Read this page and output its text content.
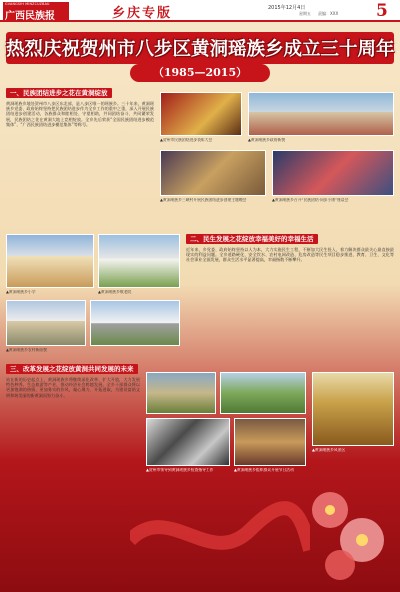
GVANGSIH MINZCUZBAU
广西民族报	乡庆专版	2015年12月4日
星期五 责编：XXX 5
热烈庆祝贺州市八步区黄洞瑶族乡成立三十周年
（1985—2015）
一、民族团结进步之花在黄洞绽放
黄洞瑶族乡地处贺州市八步区东北部，是八步区唯一的瑶族乡。三十年来，黄洞瑶族乡党委、政府始终坚持把民族团结进步作为全乡工作的重中之重，深入开展民族团结进步创建活动，各族群众和睦相处、守望相助，共同团结奋斗、共同繁荣发展，民族团结之花在黄洞大地上竞相绽放。全乡先后荣获“全国民族团结进步模范集体”、“广西民族团结进步模范集体”等称号。
▲贺州市民族团结进步表彰大会	▲黄洞瑶族乡政府新貌
▲黄洞瑶族乡三峡村开展民族团结进步创建主题晚会	▲黄洞瑶族乡召开“民族团结·同步小康”座谈会
▲黄洞瑶族乡小学	▲黄洞瑶族乡敬老院
▲黄洞瑶族乡农村新面貌
二、民生发展之花绽放幸福美好的幸福生活
近年来，乡党委、政府始终坚持以人为本，大力实施民生工程，不断加大民生投入，着力解决群众最关心最直接最现实的利益问题。全乡道路硬化、安全饮水、农村电网改造、危房改造等民生项目稳步推进，教育、卫生、文化等社会事业全面发展，群众生活水平显著提高，幸福指数不断攀升。
三、改革发展之花绽放黄洞共同发展的未来
站在新的历史起点上，黄洞瑶族乡将继续深化改革、扩大开放，大力发展特色种养、生态旅游等产业，推动经济社会跨越发展。全乡干部群众将以更加饱满的热情、更加务实的作风，凝心聚力、开拓进取，为建设富裕文明和谐美丽的新黄洞而努力奋斗。
▲贺州市领导到黄洞瑶族乡检查指导工作	▲黄洞瑶族乡组织群众开展节日活动
▲黄洞瑶族乡风景区
